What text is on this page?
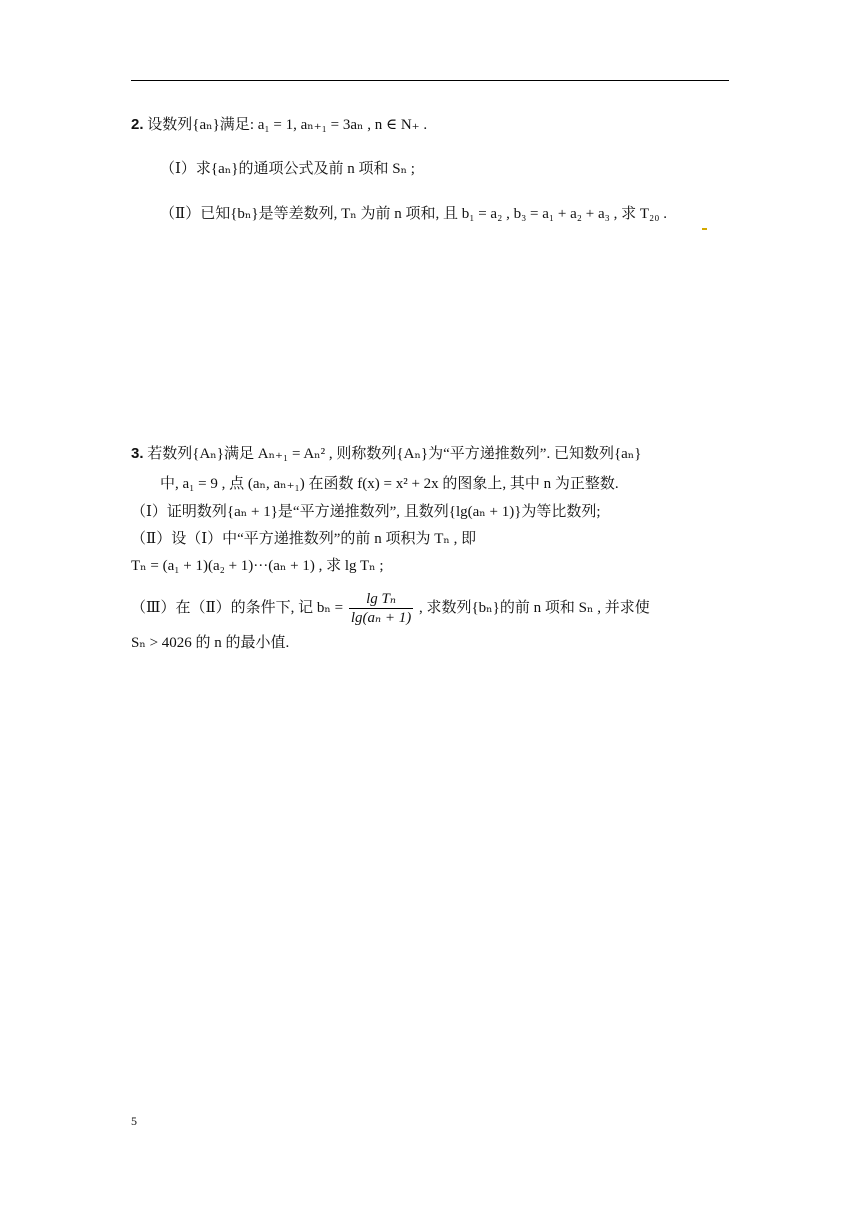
2. 设数列{aₙ}满足: a₁ = 1, aₙ₊₁ = 3aₙ , n ∈ N₊ .
（Ⅰ）求{aₙ}的通项公式及前 n 项和 Sₙ ;
（Ⅱ）已知{bₙ}是等差数列, Tₙ 为前 n 项和, 且 b₁ = a₂ , b₃ = a₁ + a₂ + a₃ , 求 T₂₀ .
3. 若数列{Aₙ}满足 Aₙ₊₁ = Aₙ² , 则称数列{Aₙ}为“平方递推数列”. 已知数列{aₙ}
中, a₁ = 9 , 点 (aₙ, aₙ₊₁) 在函数 f(x) = x² + 2x 的图象上, 其中 n 为正整数.
（Ⅰ）证明数列{aₙ + 1}是“平方递推数列”, 且数列{lg(aₙ + 1)}为等比数列;
（Ⅱ）设（Ⅰ）中“平方递推数列”的前 n 项积为 Tₙ , 即
Tₙ = (a₁ + 1)(a₂ + 1)···(aₙ + 1) , 求 lg Tₙ ;
（Ⅲ）在（Ⅱ）的条件下, 记 $b_n = \frac{\text{lg Tₙ}}{\text{lg(aₙ + 1)}}$ , 求数列{bₙ}的前 n 项和 Sₙ , 并求使
Sₙ > 4026 的 n 的最小值.
5
